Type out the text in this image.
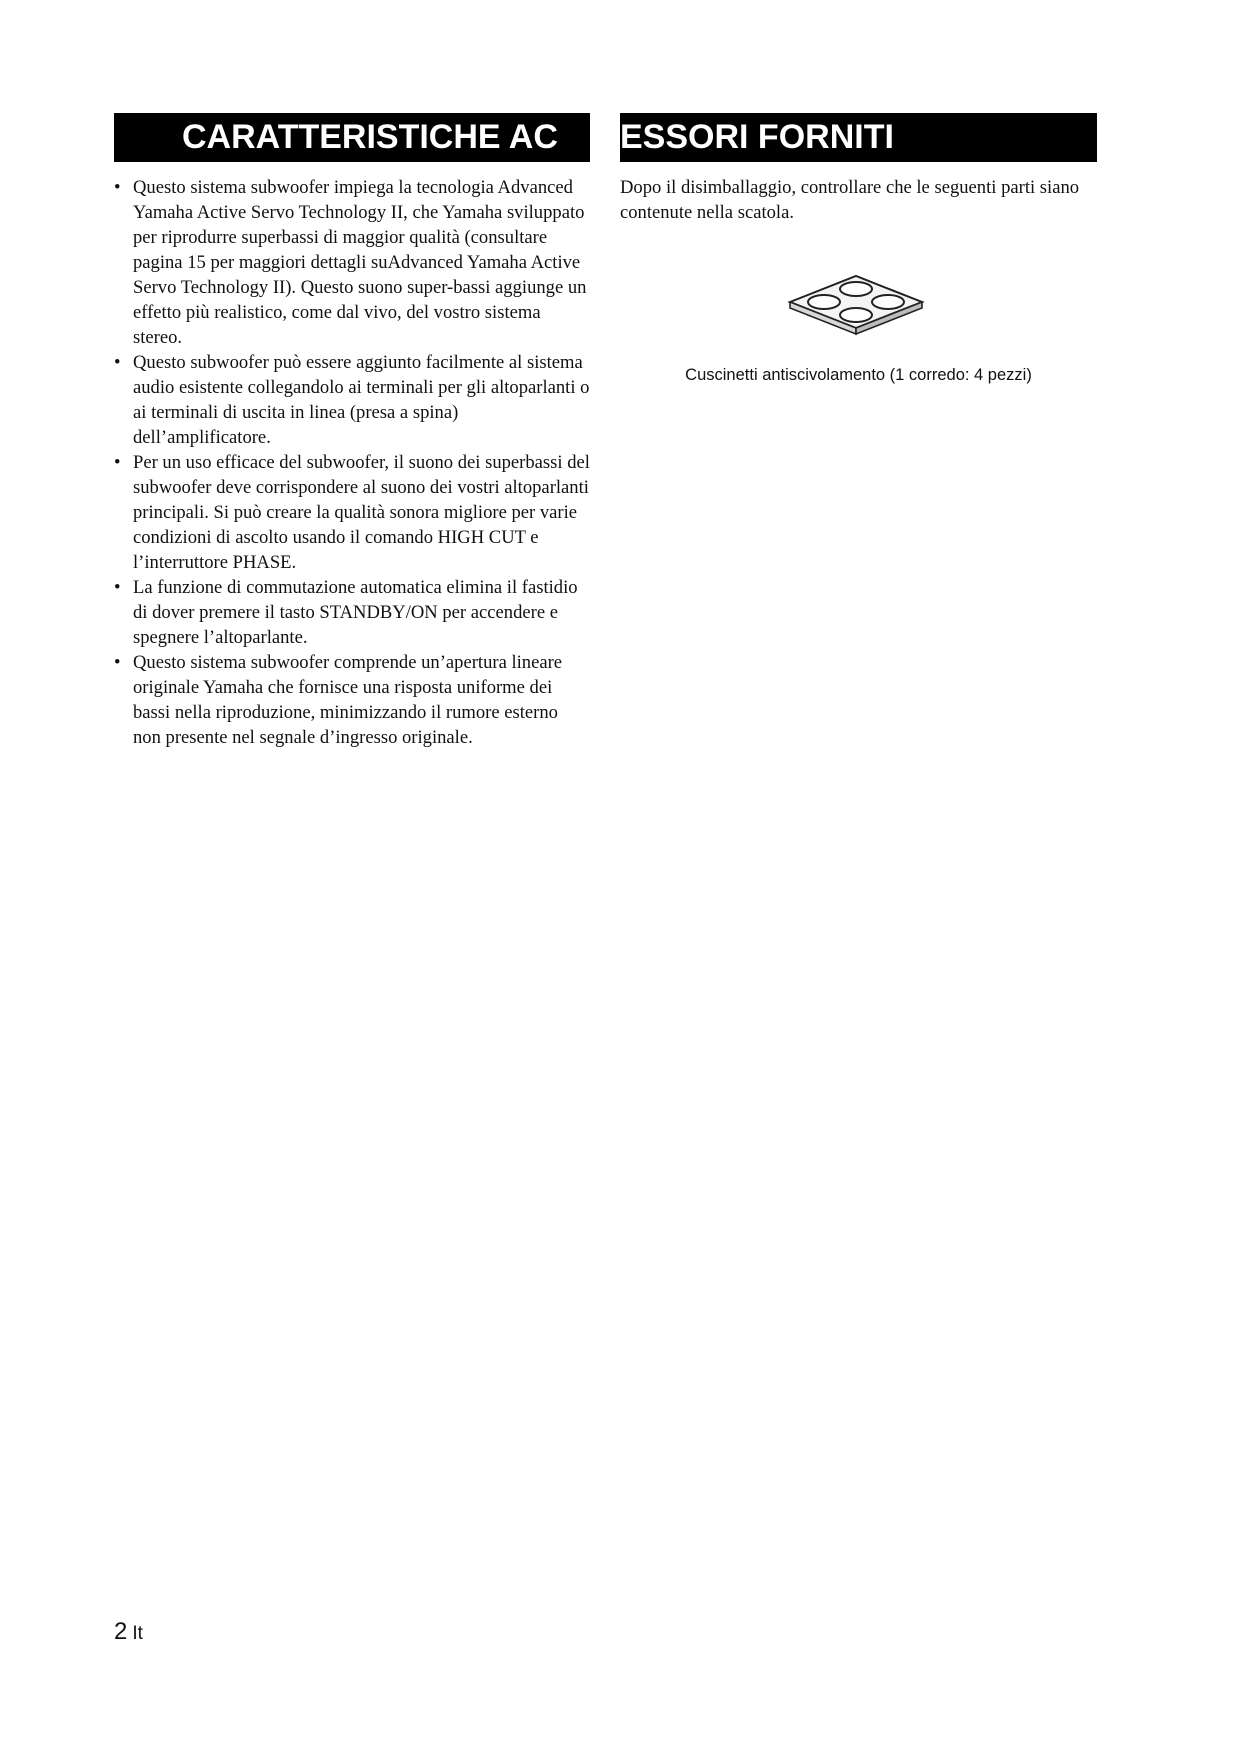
CARATTERISTICHE AC	ESSORI FORNITI
• Questo sistema subwoofer impiega la tecnologia Advanced Yamaha Active Servo Technology II, che Yamaha sviluppato per riprodurre superbassi di maggior qualità (consultare pagina 15 per maggiori dettagli suAdvanced Yamaha Active Servo Technology II). Questo suono super-bassi aggiunge un effetto più realistico, come dal vivo, del vostro sistema stereo.
• Questo subwoofer può essere aggiunto facilmente al sistema audio esistente collegandolo ai terminali per gli altoparlanti o ai terminali di uscita in linea (presa a spina) dell’amplificatore.
• Per un uso efficace del subwoofer, il suono dei superbassi del subwoofer deve corrispondere al suono dei vostri altoparlanti principali. Si può creare la qualità sonora migliore per varie condizioni di ascolto usando il comando HIGH CUT e l’interruttore PHASE.
• La funzione di commutazione automatica elimina il fastidio di dover premere il tasto STANDBY/ON per accendere e spegnere l’altoparlante.
• Questo sistema subwoofer comprende un’apertura lineare originale Yamaha che fornisce una risposta uniforme dei bassi nella riproduzione, minimizzando il rumore esterno non presente nel segnale d’ingresso originale.

Dopo il disimballaggio, controllare che le seguenti parti siano contenute nella scatola.

Cuscinetti antiscivolamento (1 corredo: 4 pezzi)
2 It
